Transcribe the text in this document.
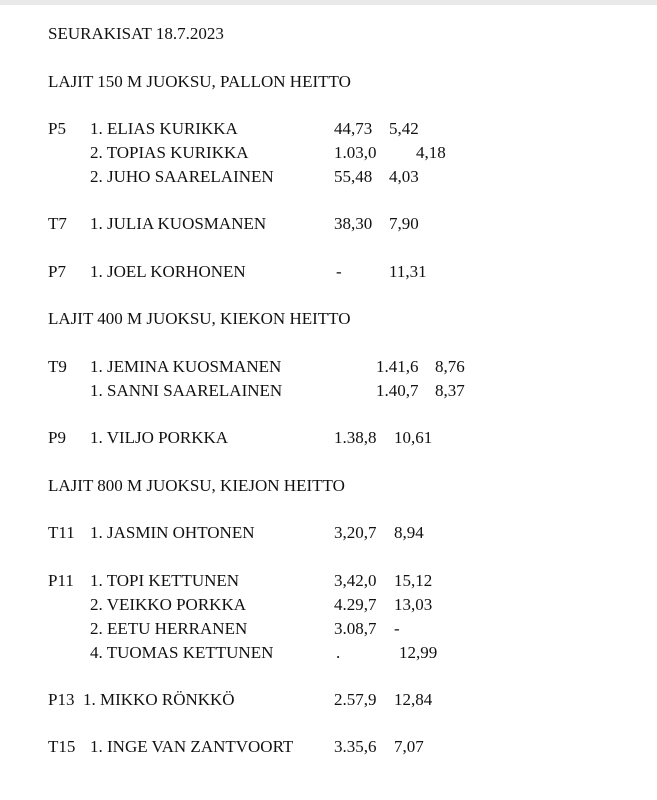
SEURAKISAT 18.7.2023
LAJIT 150 M JUOKSU, PALLON HEITTO
P5 1. ELIAS KURIKKA	44,73 5,42
2. TOPIAS KURIKKA	1.03,0 4,18
2. JUHO SAARELAINEN	55,48 4,03
T7 1. JULIA KUOSMANEN	38,30 7,90
P7 1. JOEL KORHONEN	-	11,31
LAJIT 400 M JUOKSU, KIEKON HEITTO
T9 1. JEMINA KUOSMANEN	1.41,6 8,76
1. SANNI SAARELAINEN	1.40,7 8,37
P9 1. VILJO PORKKA	1.38,8 10,61
LAJIT 800 M JUOKSU, KIEJON HEITTO
T11 1. JASMIN OHTONEN	3,20,7 8,94
P11 1. TOPI KETTUNEN	3,42,0 15,12
2. VEIKKO PORKKA	4.29,7 13,03
2. EETU HERRANEN	3.08,7 -
4. TUOMAS KETTUNEN	.	12,99
P13 1. MIKKO RÖNKKÖ	2.57,9 12,84
T15 1. INGE VAN ZANTVOORT 3.35,6 7,07
